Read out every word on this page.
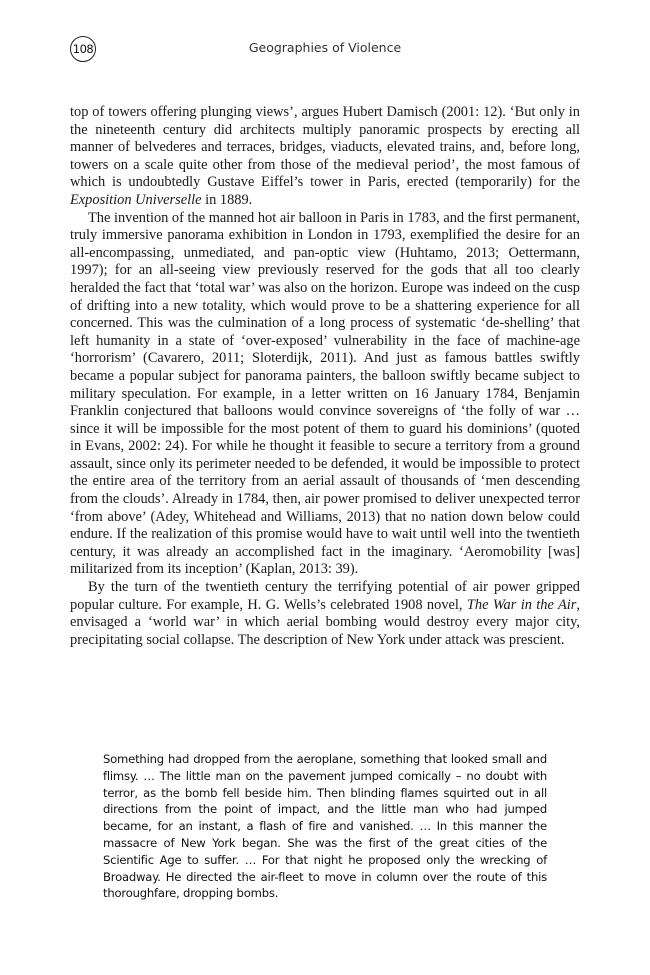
108	Geographies of Violence

top of towers offering plunging views’, argues Hubert Damisch (2001: 12). ‘But only in the nineteenth century did architects multiply panoramic prospects by erecting all manner of belvederes and terraces, bridges, viaducts, elevated trains, and, before long, towers on a scale quite other from those of the medieval period’, the most famous of which is undoubtedly Gustave Eiffel’s tower in Paris, erected (temporarily) for the Exposition Universelle in 1889.

The invention of the manned hot air balloon in Paris in 1783, and the first permanent, truly immersive panorama exhibition in London in 1793, exemplified the desire for an all-encompassing, unmediated, and pan-optic view (Huhtamo, 2013; Oettermann, 1997); for an all-seeing view previously reserved for the gods that all too clearly heralded the fact that ‘total war’ was also on the horizon. Europe was indeed on the cusp of drifting into a new totality, which would prove to be a shattering experience for all concerned. This was the culmination of a long process of systematic ‘de-shelling’ that left humanity in a state of ‘over-exposed’ vulnerability in the face of machine-age ‘horrorism’ (Cavarero, 2011; Sloterdijk, 2011). And just as famous battles swiftly became a popular subject for panorama painters, the balloon swiftly became subject to military speculation. For example, in a letter written on 16 January 1784, Benjamin Franklin conjectured that balloons would convince sovereigns of ‘the folly of war … since it will be impossible for the most potent of them to guard his dominions’ (quoted in Evans, 2002: 24). For while he thought it feasible to secure a territory from a ground assault, since only its perimeter needed to be defended, it would be impossible to protect the entire area of the territory from an aerial assault of thousands of ‘men descending from the clouds’. Already in 1784, then, air power promised to deliver unexpected terror ‘from above’ (Adey, Whitehead and Williams, 2013) that no nation down below could endure. If the realization of this promise would have to wait until well into the twentieth century, it was already an accomplished fact in the imaginary. ‘Aeromobility [was] militarized from its inception’ (Kaplan, 2013: 39).

By the turn of the twentieth century the terrifying potential of air power gripped popular culture. For example, H. G. Wells’s celebrated 1908 novel, The War in the Air, envisaged a ‘world war’ in which aerial bombing would destroy every major city, precipitating social collapse. The description of New York under attack was prescient.

Something had dropped from the aeroplane, something that looked small and flimsy. … The little man on the pavement jumped comically – no doubt with terror, as the bomb fell beside him. Then blinding flames squirted out in all directions from the point of impact, and the little man who had jumped became, for an instant, a flash of fire and vanished. … In this manner the massacre of New York began. She was the first of the great cities of the Scientific Age to suffer. … For that night he proposed only the wrecking of Broadway. He directed the air-fleet to move in column over the route of this thoroughfare, dropping bombs.
